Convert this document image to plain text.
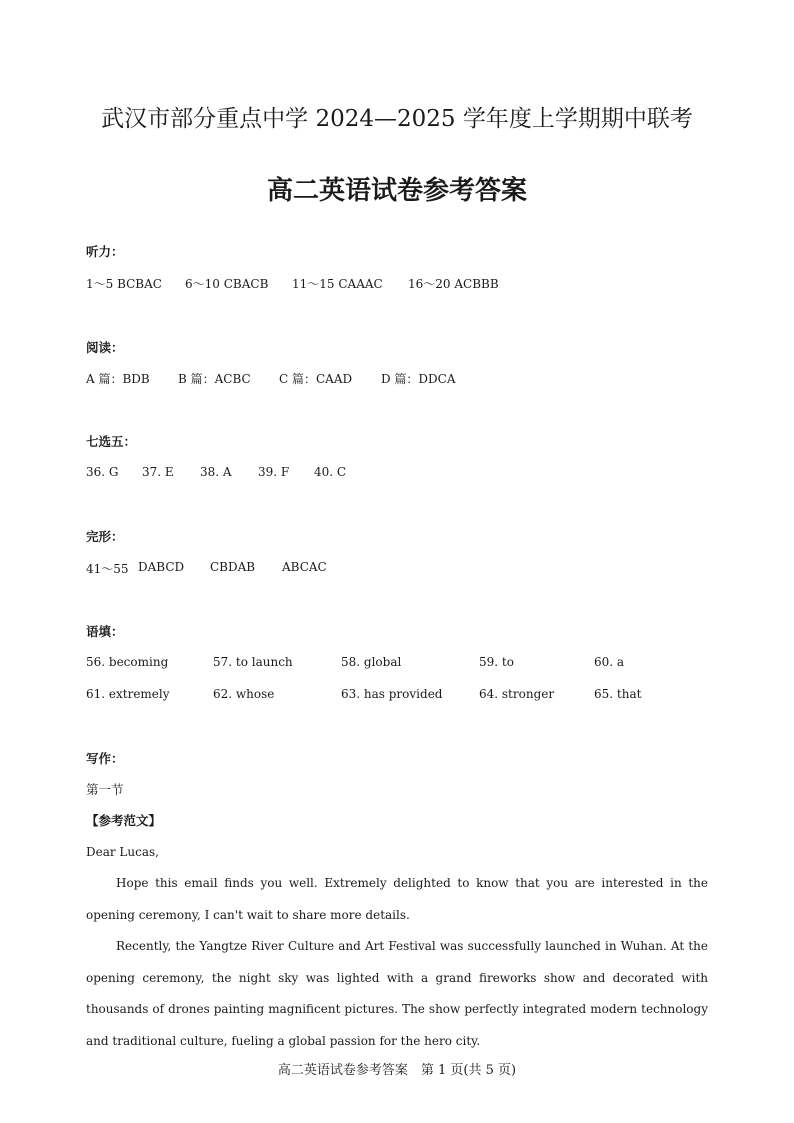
武汉市部分重点中学 2024—2025 学年度上学期期中联考
高二英语试卷参考答案
听力：
1～5 BCBAC 6～10 CBACB 11～15 CAAAC 16～20 ACBBB
阅读：
A 篇：BDB B 篇：ACBC C 篇：CAAD D 篇：DDCA
七选五：
36. G 37. E 38. A 39. F 40. C
完形：
41～55 DABCD CBDAB ABCAC
语填：
56. becoming	57. to launch	58. global	59. to	60. a
61. extremely	62. whose	63. has provided	64. stronger	65. that
写作：
第一节
【参考范文】
Dear Lucas,
Hope this email finds you well. Extremely delighted to know that you are interested in the opening ceremony, I can't wait to share more details.
Recently, the Yangtze River Culture and Art Festival was successfully launched in Wuhan. At the opening ceremony, the night sky was lighted with a grand fireworks show and decorated with thousands of drones painting magnificent pictures. The show perfectly integrated modern technology and traditional culture, fueling a global passion for the hero city.
高二英语试卷参考答案　第 1 页(共 5 页)
